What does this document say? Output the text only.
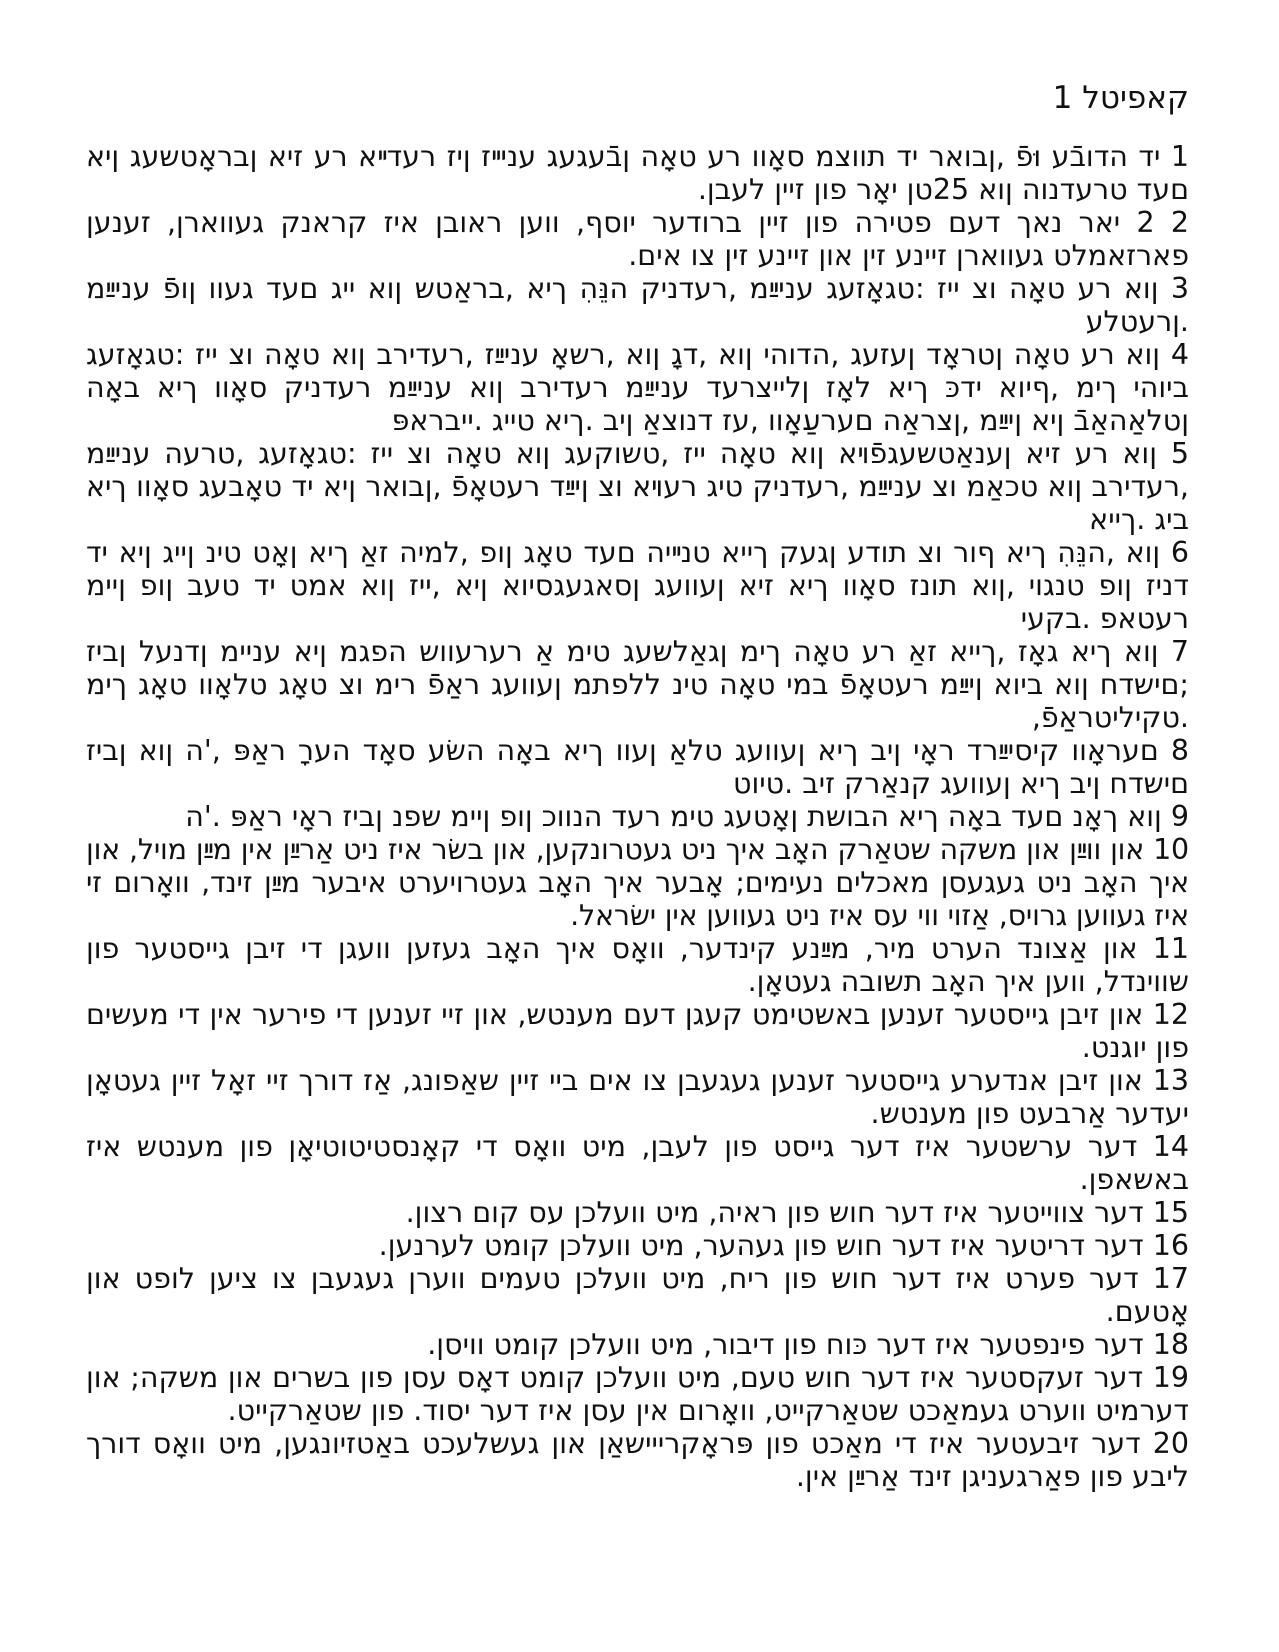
קאפיטל 1

1 יד הדובֿע וּפֿ ,ןבואר יד תווצמ סאָוו רע טאָה ןבֿעגעג עניײז ןיז רעדײא רע זיא ןבראָטשעג ןיא םעד טרעדנוה ןוא 25טן יאָר פון זיין לעבן.

2 2 יאר נאך דעם פטירה פון זיין ברודער יוסף, ווען ראובן איז קראנק געווארן, זענען פארזאמלט געווארן זיינע זין און זיינע זין צו אים.

3 ןוא רע טאָה וצ ייז :טגאָזעג עניײַמ ,רעדניק הנֵּהִ ךיא ,בראַטש ןוא ייג םעד געוו ןופֿ עניײַמ .ןרעטלע

4 ןוא רע טאָה ןטראָד ןעזעג ,הדוהי ןוא ,דגָ ןוא ,רשאָ עניײַז ,רעדירב ןוא טאָה וצ ייז :טגאָזעג ביוהי ךימ ,ףיוא ידכּ ךיא לאָז ןלייצרעד עניײַמ רעדירב ןוא עניײַמ רעדניק סאָוו ךיא באָה ןטלאַהאַבֿ ןיא ןיײַמ ,ןצראַה םערעַאָוו ,עז דנוצאַ ןיב .ךיא טייג .ייבראפּ

5 ןוא רע זיא ןענאַטשעגפֿױא ןוא טאָה ייז ,טשוקעג ןוא טאָה וצ ייז :טגאָזעג ,טרעה עניײַמ ,רעדירב ןוא טכאַמ וצ עניײַמ ,רעדניק טיג רעױא וצ ןיײַד רעטאָפֿ ,ןבואר ןיא יד טאָבעג סאָוו ךיא ביג .ךייא

6 ןוא ,הנֵּהִ ךיא ףור וצ תודע ןגעק ךייא טנײיה םעד טאָג ןופ ,למיה זאַ ךיא ןאָט טינ ןייג ןיא יד דניז ןופ טנגוי ,ןוא תונז סאָוו ךיא זיא ןעוועג ןסאגעגסיוא ןיא ,ייז ןוא אמט יד טעב ןופ ןיימ רעטאפ .בקעי

7 ןוא ךיא גאָז ,ךייא זאַ רע טאָה ךימ ןגאַלשעג טימ אַ רערעווש הפגמ ןיא עניימ ןדנעל ןביז ;םישדח ןוא ביוא ןיײַמ רעטאָפֿ במי טאָה טינ ללפתמ ןעוועג ראַפֿ רימ וצ טאָג טלאָוו טאָג ךימ .טקיליטראַפֿ,

8 םעראָוו קיסיײַרד ראָי ןיב ךיא ןעוועג טלאַ ןעוו ךיא באָה השׂע סאָד הערָ ראַפּ ,'ה ןוא ןביז םישדח ןיב ךיא ןעוועג קנאַרק זיב .טיוט

9 ןוא ךאָנ םעד באָה ךיא הבושת ןאָטעג טימ רעד הנווכ ןופ ןיימ שפנ ןביז ראָי ראַפּ .'ה

10 און ווײַן און משקה שטאַרק האָב איך ניט געטרונקען, און בשׂר איז ניט אַרײַן אין מײַן מויל, און איך האָב ניט געגעסן מאכלים נעימים; אָבער איך האָב געטרויערט איבער מײַן זינד, וואָרום זי איז געווען גרויס, אַזוי ווי עס איז ניט געווען אין ישׂראל.

11 און אַצונד הערט מיר, מײַנע קינדער, וואָס איך האָב געזען וועגן די זיבן גייסטער פון שווינדל, ווען איך האָב תשובה געטאָן.

12 און זיבן גייסטער זענען באשטימט קעגן דעם מענטש, און זיי זענען די פירער אין די מעשים פון יוגנט.

13 און זיבן אנדערע גייסטער זענען געגעבן צו אים ביי זיין שאַפונג, אַז דורך זיי זאָל זיין געטאָן יעדער אַרבעט פון מענטש.

14 דער ערשטער איז דער גייסט פון לעבן, מיט וואָס די קאָנסטיטוטיאָן פון מענטש איז באשאפן.

15 דער צווייטער איז דער חוש פון ראיה, מיט וועלכן עס קום רצון.

16 דער דריטער איז דער חוש פון געהער, מיט וועלכן קומט לערנען.

17 דער פערט איז דער חוש פון ריח, מיט וועלכן טעמים ווערן געגעבן צו ציען לופט און אָטעם.

18 דער פינפטער איז דער כּוח פון דיבור, מיט וועלכן קומט וויסן.

19 דער זעקסטער איז דער חוש טעם, מיט וועלכן קומט דאָס עסן פון בשרים און משקה; און דערמיט ווערט געמאַכט שטאַרקייט, וואָרום אין עסן איז דער יסוד. פון שטאַרקייט.

20 דער זיבעטער איז די מאַכט פון פּראָקרייישאַן און געשלעכט באַטזיונגען, מיט וואָס דורך ליבע פון פאַרגעניגן זינד אַרײַן אין.
